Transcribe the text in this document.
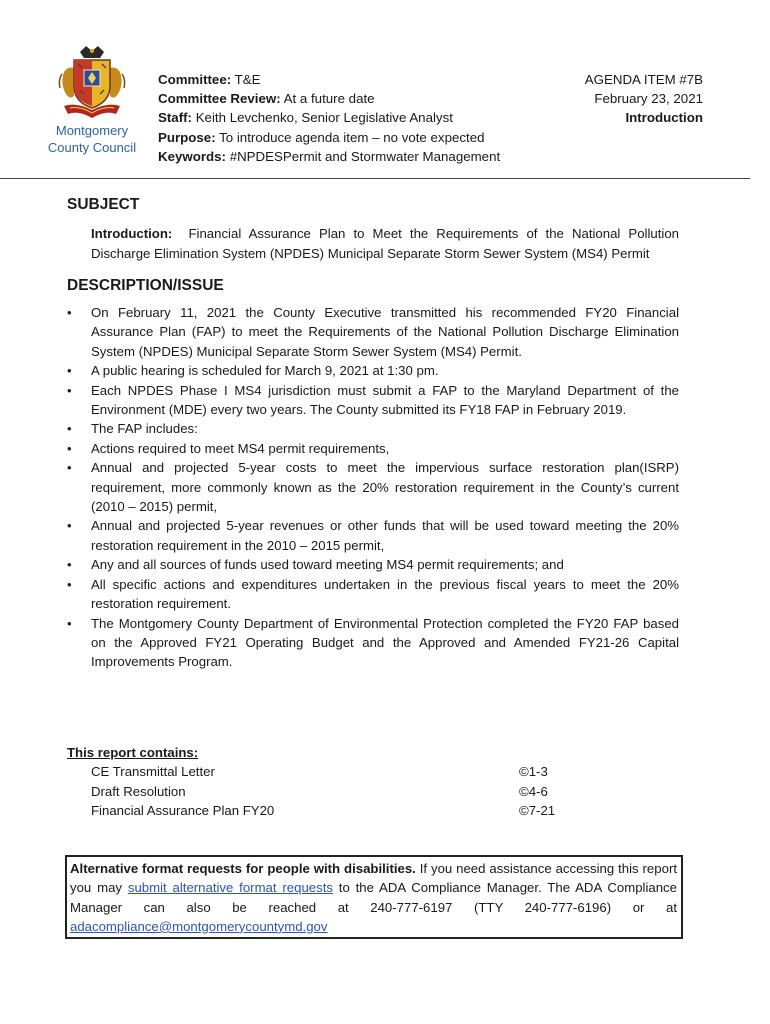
Montgomery
County Council
Committee: T&E
Committee Review: At a future date
Staff: Keith Levchenko, Senior Legislative Analyst
Purpose: To introduce agenda item – no vote expected
Keywords: #NPDESPermit and Stormwater Management
AGENDA ITEM #7B
February 23, 2021
Introduction
SUBJECT
Introduction: Financial Assurance Plan to Meet the Requirements of the National Pollution Discharge Elimination System (NPDES) Municipal Separate Storm Sewer System (MS4) Permit
DESCRIPTION/ISSUE
• On February 11, 2021 the County Executive transmitted his recommended FY20 Financial Assurance Plan (FAP) to meet the Requirements of the National Pollution Discharge Elimination System (NPDES) Municipal Separate Storm Sewer System (MS4) Permit.
• A public hearing is scheduled for March 9, 2021 at 1:30 pm.
• Each NPDES Phase I MS4 jurisdiction must submit a FAP to the Maryland Department of the Environment (MDE) every two years. The County submitted its FY18 FAP in February 2019.
• The FAP includes:
• Actions required to meet MS4 permit requirements,
• Annual and projected 5-year costs to meet the impervious surface restoration plan(ISRP) requirement, more commonly known as the 20% restoration requirement in the County’s current (2010 – 2015) permit,
• Annual and projected 5-year revenues or other funds that will be used toward meeting the 20% restoration requirement in the 2010 – 2015 permit,
• Any and all sources of funds used toward meeting MS4 permit requirements; and
• All specific actions and expenditures undertaken in the previous fiscal years to meet the 20% restoration requirement.
• The Montgomery County Department of Environmental Protection completed the FY20 FAP based on the Approved FY21 Operating Budget and the Approved and Amended FY21-26 Capital Improvements Program.
This report contains:
CE Transmittal Letter	©1-3
Draft Resolution	©4-6
Financial Assurance Plan FY20	©7-21
Alternative format requests for people with disabilities. If you need assistance accessing this report you may submit alternative format requests to the ADA Compliance Manager. The ADA Compliance Manager can also be reached at 240-777-6197 (TTY 240-777-6196) or at adacompliance@montgomerycountymd.gov
